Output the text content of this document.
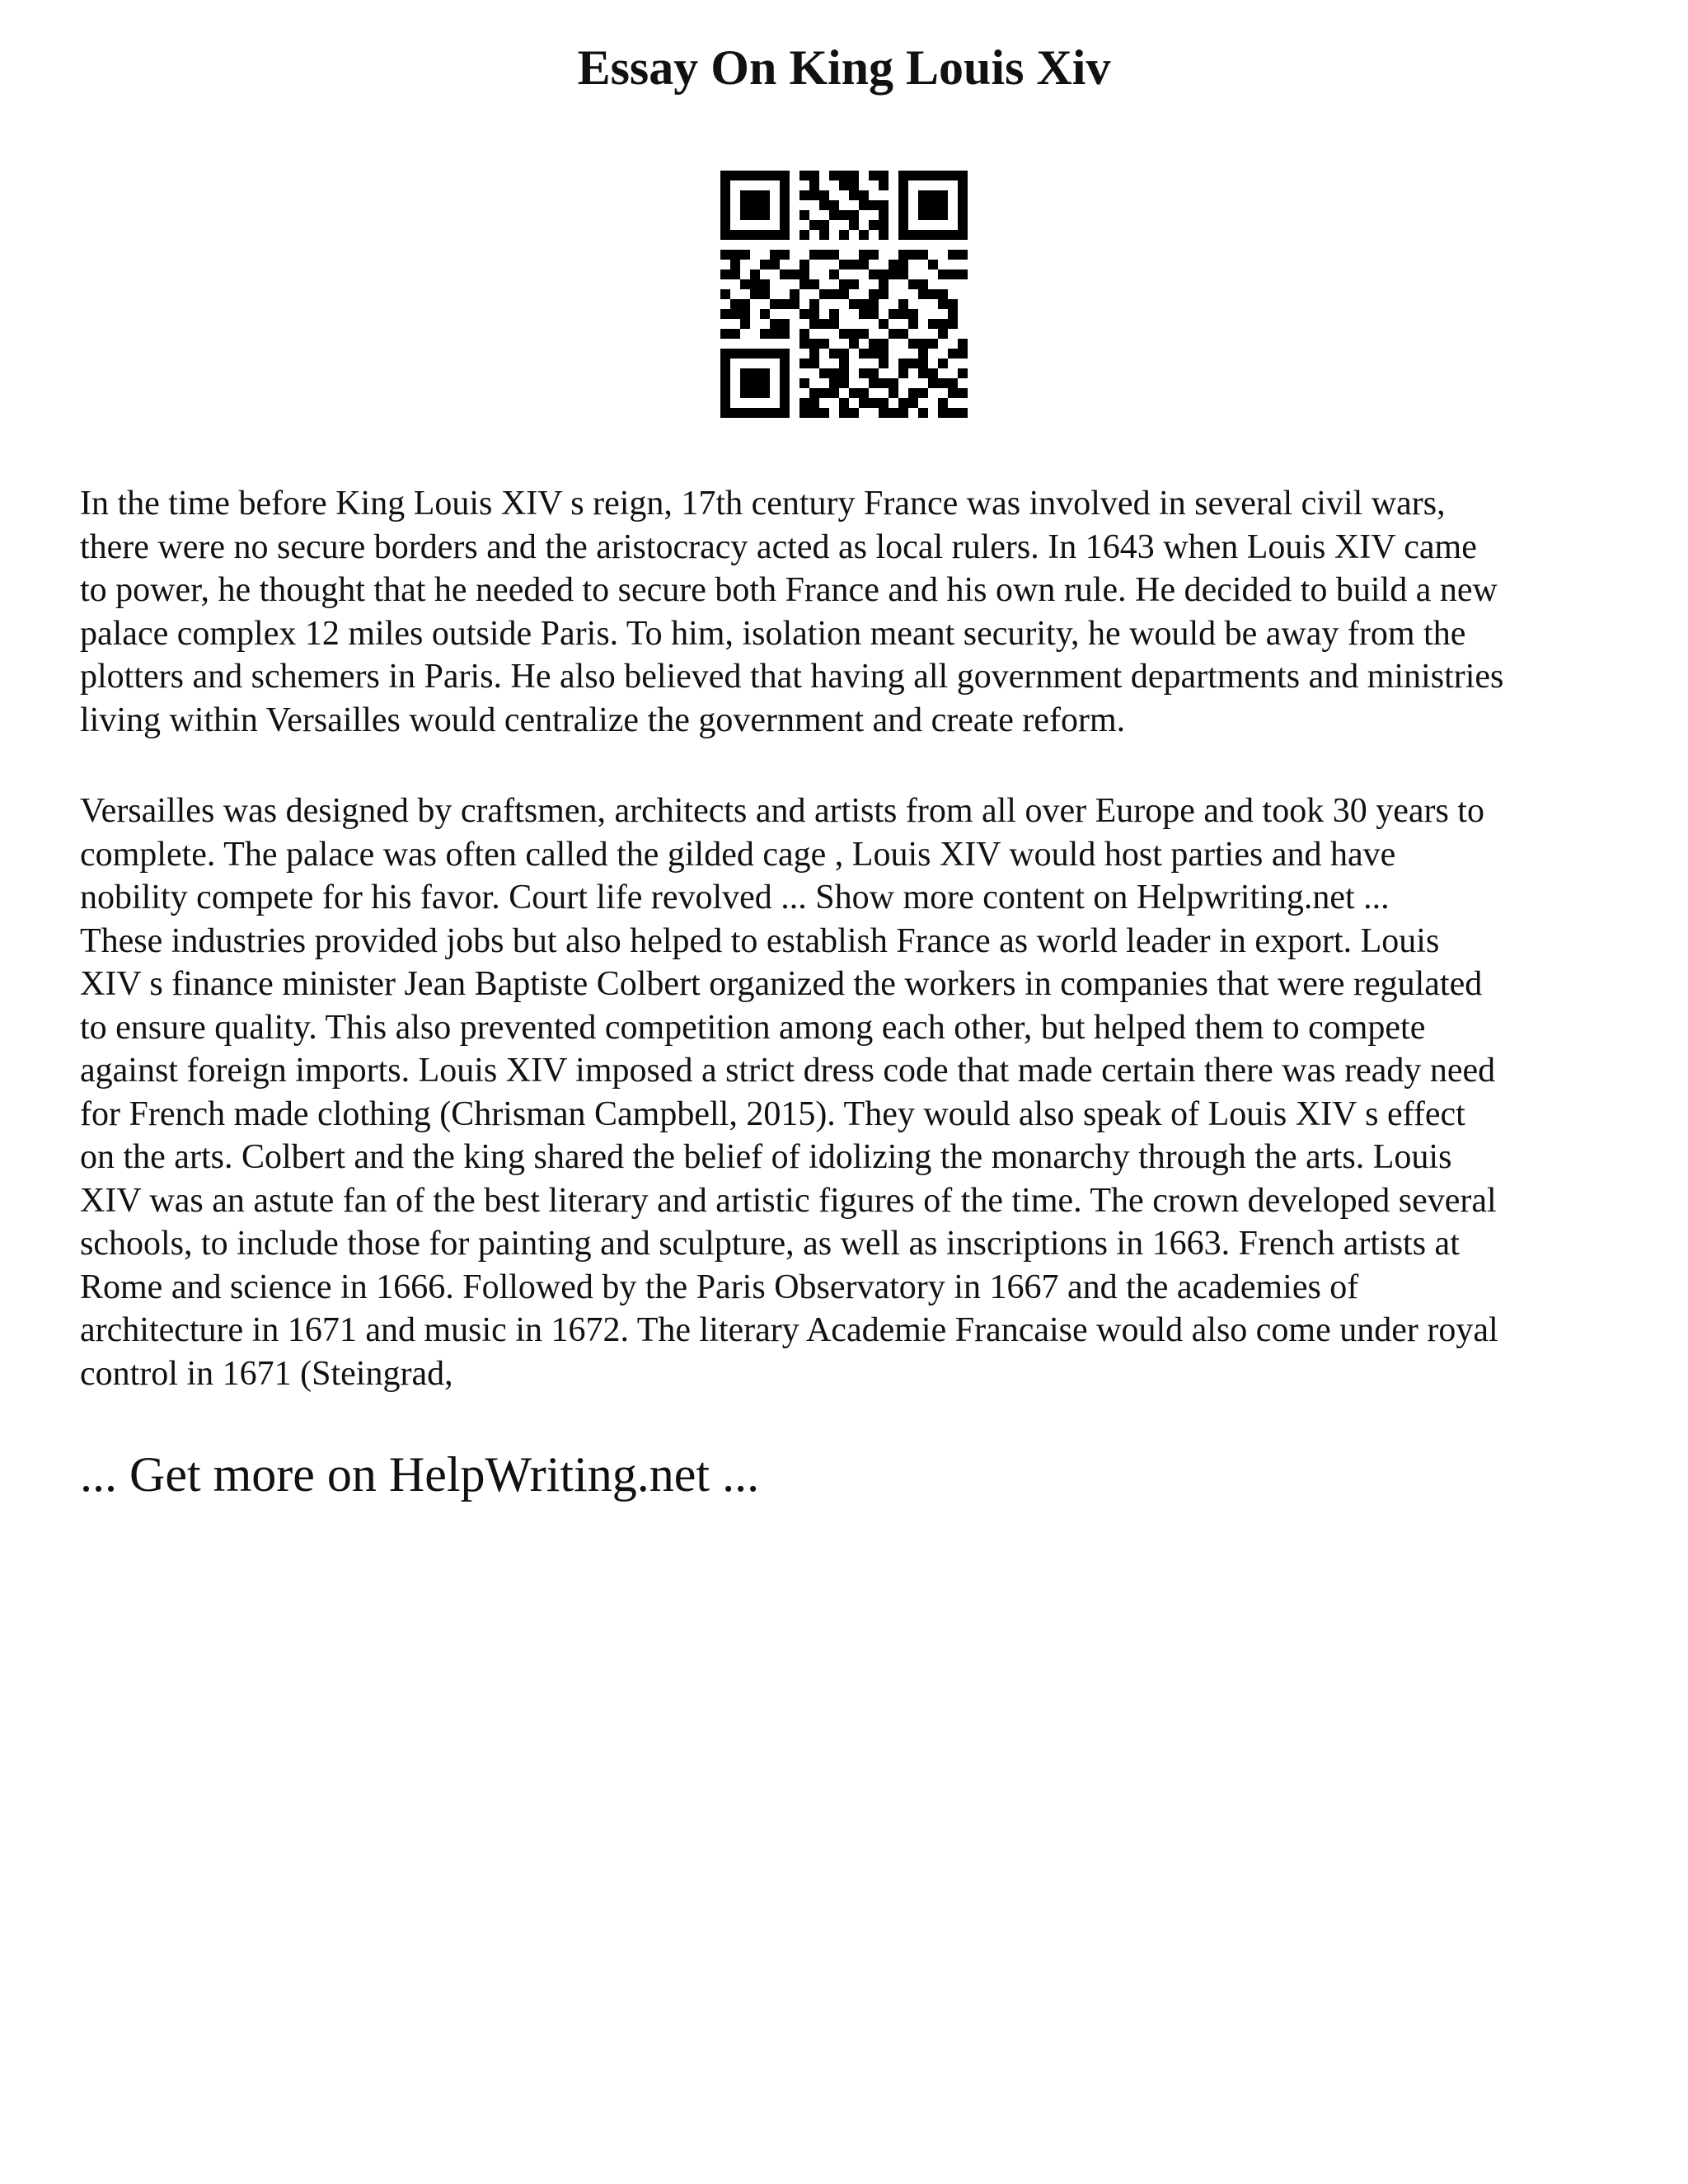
Essay On King Louis Xiv

In the time before King Louis XIV s reign, 17th century France was involved in several civil wars,
there were no secure borders and the aristocracy acted as local rulers. In 1643 when Louis XIV came
to power, he thought that he needed to secure both France and his own rule. He decided to build a new
palace complex 12 miles outside Paris. To him, isolation meant security, he would be away from the
plotters and schemers in Paris. He also believed that having all government departments and ministries
living within Versailles would centralize the government and create reform.

Versailles was designed by craftsmen, architects and artists from all over Europe and took 30 years to
complete. The palace was often called the gilded cage , Louis XIV would host parties and have
nobility compete for his favor. Court life revolved ... Show more content on Helpwriting.net ...
These industries provided jobs but also helped to establish France as world leader in export. Louis
XIV s finance minister Jean Baptiste Colbert organized the workers in companies that were regulated
to ensure quality. This also prevented competition among each other, but helped them to compete
against foreign imports. Louis XIV imposed a strict dress code that made certain there was ready need
for French made clothing (Chrisman Campbell, 2015). They would also speak of Louis XIV s effect
on the arts. Colbert and the king shared the belief of idolizing the monarchy through the arts. Louis
XIV was an astute fan of the best literary and artistic figures of the time. The crown developed several
schools, to include those for painting and sculpture, as well as inscriptions in 1663. French artists at
Rome and science in 1666. Followed by the Paris Observatory in 1667 and the academies of
architecture in 1671 and music in 1672. The literary Academie Francaise would also come under royal
control in 1671 (Steingrad,

... Get more on HelpWriting.net ...
